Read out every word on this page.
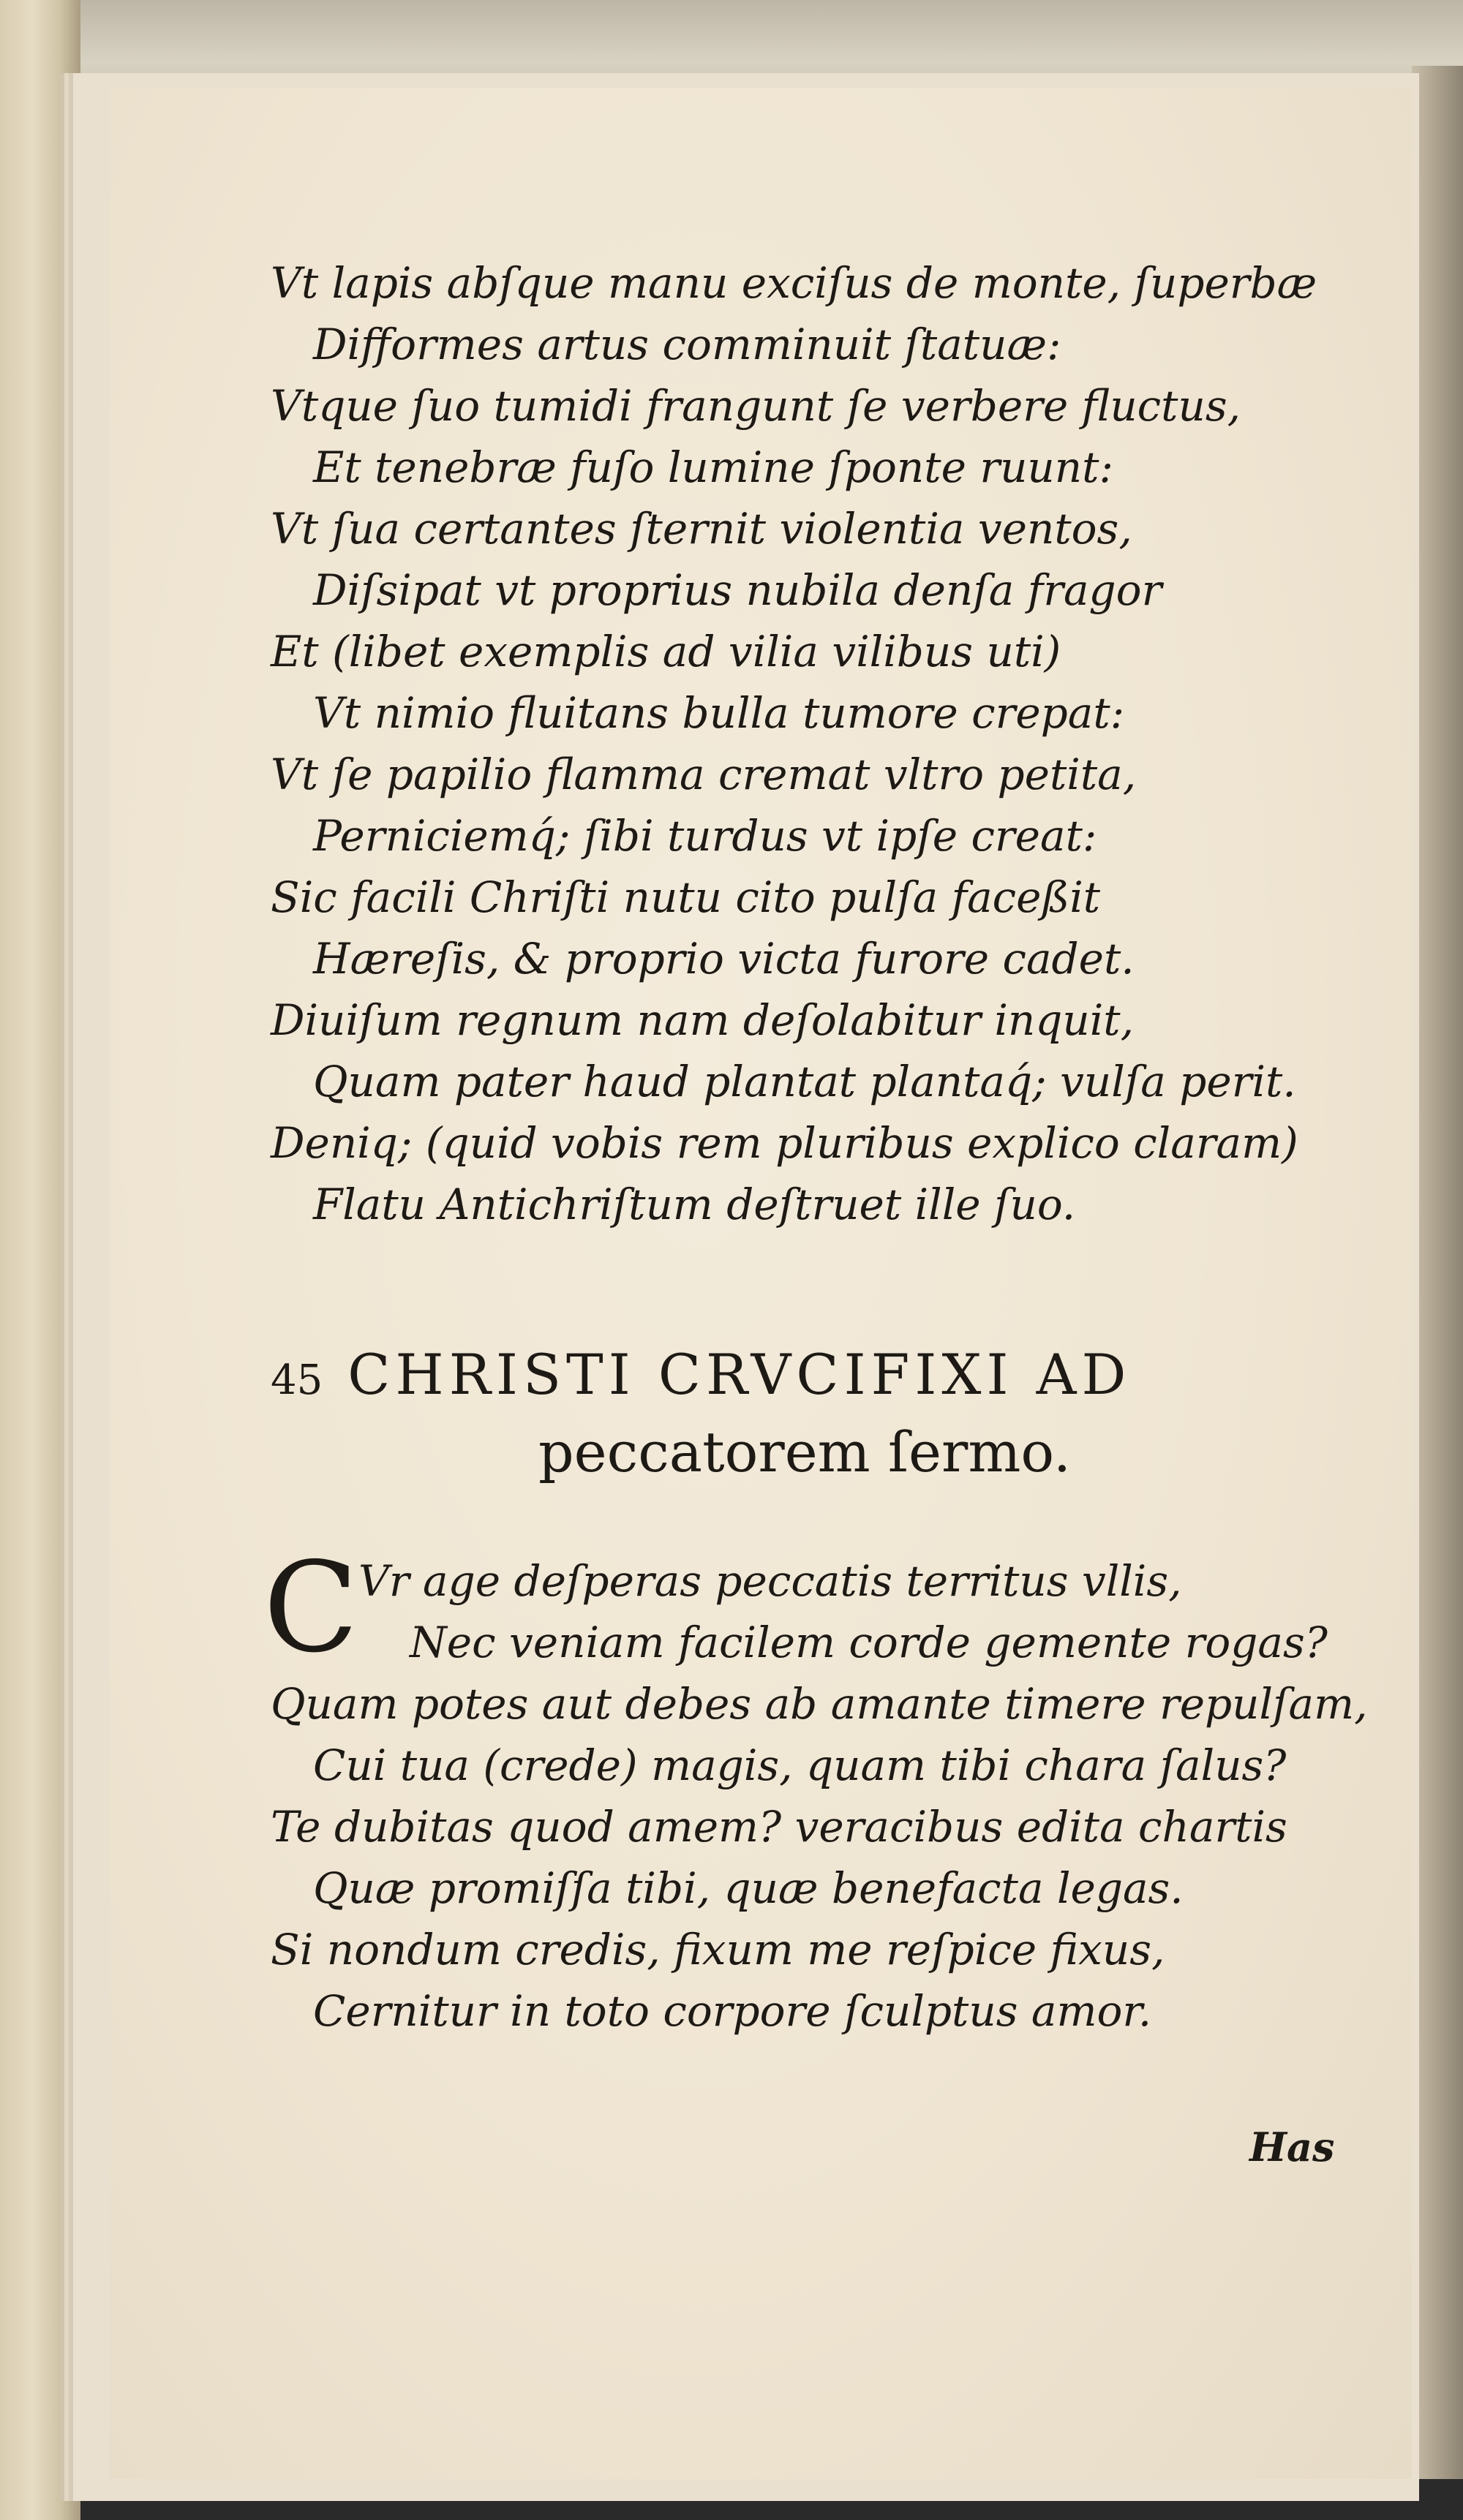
Vt lapis abſque manu exciſus de monte, ſuperbæ
Difformes artus comminuit ſtatuæ:
Vtque ſuo tumidi frangunt ſe verbere fluctus,
Et tenebræ fuſo lumine ſponte ruunt:
Vt ſua certantes ſternit violentia ventos,
Diſsipat vt proprius nubila denſa fragor
Et (libet exemplis ad vilia vilibus uti)
Vt nimio fluitans bulla tumore crepat:
Vt ſe papilio flamma cremat vltro petita,
Perniciemq́; ſibi turdus vt ipſe creat:
Sic facili Chriſti nutu cito pulſa faceßit
Hæreſis, & proprio victa furore cadet.
Diuiſum regnum nam deſolabitur inquit,
Quam pater haud plantat plantaq́; vulſa perit.
Deniq; (quid vobis rem pluribus explico claram)
Flatu Antichriſtum deſtruet ille ſuo.
45 CHRISTI CRVCIFIXI AD
peccatorem ſermo.
C Vr age deſperas peccatis territus vllis,
Nec veniam facilem corde gemente rogas?
Quam potes aut debes ab amante timere repulſam,
Cui tua (crede) magis, quam tibi chara ſalus?
Te dubitas quod amem? veracibus edita chartis
Quæ promiſſa tibi, quæ benefacta legas.
Si nondum credis, fixum me reſpice fixus,
Cernitur in toto corpore ſculptus amor.
Has
